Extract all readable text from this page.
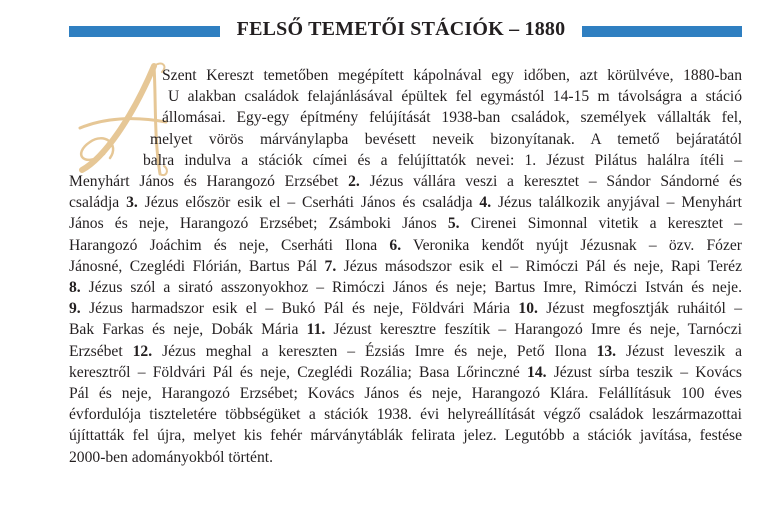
FELSŐ TEMETŐI STÁCIÓK – 1880
Szent Kereszt temetőben megépített kápolnával egy időben, azt körülvéve, 1880-ban
U alakban családok felajánlásával épültek fel egymástól 14-15 m távolságra a stáció
állomásai. Egy-egy építmény felújítását 1938-ban családok, személyek vállalták fel,
melyet vörös márványlapba bevésett neveik bizonyítanak. A temető bejáratától
balra indulva a stációk címei és a felújíttatók nevei: 1. Jézust Pilátus halálra ítéli –
Menyhárt János és Harangozó Erzsébet 2. Jézus vállára veszi a keresztet – Sándor Sándorné és
családja 3. Jézus először esik el – Cserháti János és családja 4. Jézus találkozik anyjával – Menyhárt
János és neje, Harangozó Erzsébet; Zsámboki János 5. Cirenei Simonnal vitetik a keresztet –
Harangozó Joáchim és neje, Cserháti Ilona 6. Veronika kendőt nyújt Jézusnak – özv. Fózer
Jánosné, Czeglédi Flórián, Bartus Pál 7. Jézus másodszor esik el – Rimóczi Pál és neje, Rapi Teréz
8. Jézus szól a sirató asszonyokhoz – Rimóczi János és neje; Bartus Imre, Rimóczi István és neje.
9. Jézus harmadszor esik el – Bukó Pál és neje, Földvári Mária 10. Jézust megfosztják ruháitól –
Bak Farkas és neje, Dobák Mária 11. Jézust keresztre feszítik – Harangozó Imre és neje, Tarnóczi
Erzsébet 12. Jézus meghal a kereszten – Ézsiás Imre és neje, Pető Ilona 13. Jézust leveszik a
keresztről – Földvári Pál és neje, Czeglédi Rozália; Basa Lőrinczné 14. Jézust sírba teszik – Kovács
Pál és neje, Harangozó Erzsébet; Kovács János és neje, Harangozó Klára. Felállításuk 100 éves
évfordulója tiszteletére többségüket a stációk 1938. évi helyreállítását végző családok leszármazottai
újíttatták fel újra, melyet kis fehér márványtáblák felirata jelez. Legutóbb a stációk javítása, festése
2000-ben adományokból történt.
